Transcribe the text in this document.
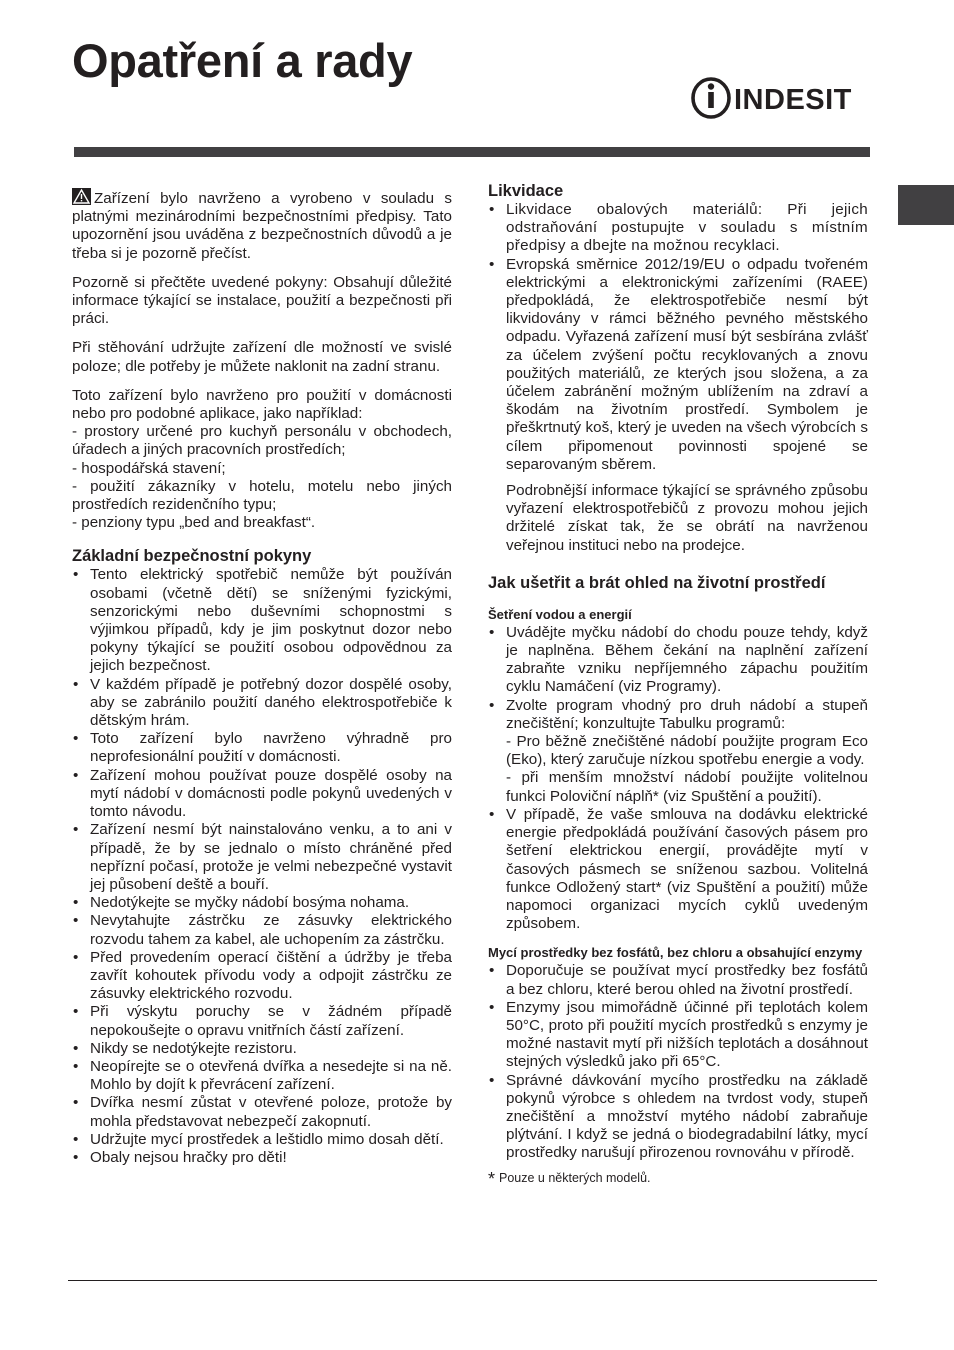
Opatření a rady
INDESIT

Zařízení bylo navrženo a vyrobeno v souladu s platnými mezinárodními bezpečnostními předpisy. Tato upozornění jsou uváděna z bezpečnostních důvodů a je třeba si je pozorně přečíst.

Pozorně si přečtěte uvedené pokyny: Obsahují důležité informace týkající se instalace, použití a bezpečnosti při práci.

Při stěhování udržujte zařízení dle možností ve svislé poloze; dle potřeby je můžete naklonit na zadní stranu.

Toto zařízení bylo navrženo pro použití v domácnosti nebo pro podobné aplikace, jako například:
- prostory určené pro kuchyň personálu v obchodech, úřadech a jiných pracovních prostředích;
- hospodářská stavení;
- použití zákazníky v hotelu, motelu nebo jiných prostředích rezidenčního typu;
- penziony typu „bed and breakfast“.

Základní bezpečnostní pokyny
• Tento elektrický spotřebič nemůže být používán osobami (včetně dětí) se sníženými fyzickými, senzorickými nebo duševními schopnostmi s výjimkou případů, kdy je jim poskytnut dozor nebo pokyny týkající se použití osobou odpovědnou za jejich bezpečnost.
• V každém případě je potřebný dozor dospělé osoby, aby se zabránilo použití daného elektrospotřebiče k dětským hrám.
• Toto zařízení bylo navrženo výhradně pro neprofesionální použití v domácnosti.
• Zařízení mohou používat pouze dospělé osoby na mytí nádobí v domácnosti podle pokynů uvedených v tomto návodu.
• Zařízení nesmí být nainstalováno venku, a to ani v případě, že by se jednalo o místo chráněné před nepřízní počasí, protože je velmi nebezpečné vystavit jej působení deště a bouří.
• Nedotýkejte se myčky nádobí bosýma nohama.
• Nevytahujte zástrčku ze zásuvky elektrického rozvodu tahem za kabel, ale uchopením za zástrčku.
• Před provedením operací čištění a údržby je třeba zavřít kohoutek přívodu vody a odpojit zástrčku ze zásuvky elektrického rozvodu.
• Při výskytu poruchy se v žádném případě nepokoušejte o opravu vnitřních částí zařízení.
• Nikdy se nedotýkejte rezistoru.
• Neopírejte se o otevřená dvířka a nesedejte si na ně. Mohlo by dojít k převrácení zařízení.
• Dvířka nesmí zůstat v otevřené poloze, protože by mohla představovat nebezpečí zakopnutí.
• Udržujte mycí prostředek a leštidlo mimo dosah dětí.
• Obaly nejsou hračky pro děti!
Likvidace
• Likvidace obalových materiálů: Při jejich odstraňování postupujte v souladu s místním předpisy a dbejte na možnou recyklaci.
• Evropská směrnice 2012/19/EU o odpadu tvořeném elektrickými a elektronickými zařízeními (RAEE) předpokládá, že elektrospotřebiče nesmí být likvidovány v rámci běžného pevného městského odpadu. Vyřazená zařízení musí být sesbírána zvlášť za účelem zvýšení počtu recyklovaných a znovu použitých materiálů, ze kterých jsou složena, a za účelem zabránění možným ublížením na zdraví a škodám na životním prostředí. Symbolem je přeškrtnutý koš, který je uveden na všech výrobcích s cílem připomenout povinnosti spojené se separovaným sběrem.

Podrobnější informace týkající se správného způsobu vyřazení elektrospotřebičů z provozu mohou jejich držitelé získat tak, že se obrátí na navrženou veřejnou instituci nebo na prodejce.

Jak ušetřit a brát ohled na životní prostředí
Šetření vodou a energií
• Uvádějte myčku nádobí do chodu pouze tehdy, když je naplněna. Během čekání na naplnění zařízení zabraňte vzniku nepříjemného zápachu použitím cyklu Namáčení (viz Programy).
• Zvolte program vhodný pro druh nádobí a stupeň znečištění; konzultujte Tabulku programů:
- Pro běžně znečištěné nádobí použijte program Eco (Eko), který zaručuje nízkou spotřebu energie a vody.
- při menším množství nádobí použijte volitelnou funkci Poloviční náplň* (viz Spuštění a použití).
• V případě, že vaše smlouva na dodávku elektrické energie předpokládá používání časových pásem pro šetření elektrickou energií, provádějte mytí v časových pásmech se sníženou sazbou. Volitelná funkce Odložený start* (viz Spuštění a použití) může napomoci organizaci mycích cyklů uvedeným způsobem.
Mycí prostředky bez fosfátů, bez chloru a obsahující enzymy
• Doporučuje se používat mycí prostředky bez fosfátů a bez chloru, které berou ohled na životní prostředí.
• Enzymy jsou mimořádně účinné při teplotách kolem 50°C, proto při použití mycích prostředků s enzymy je možné nastavit mytí při nižších teplotách a dosáhnout stejných výsledků jako při 65°C.
• Správné dávkování mycího prostředku na základě pokynů výrobce s ohledem na tvrdost vody, stupeň znečištění a množství mytého nádobí zabraňuje plýtvání. I když se jedná o biodegradabilní látky, mycí prostředky narušují přirozenou rovnováhu v přírodě.
* Pouze u některých modelů.
